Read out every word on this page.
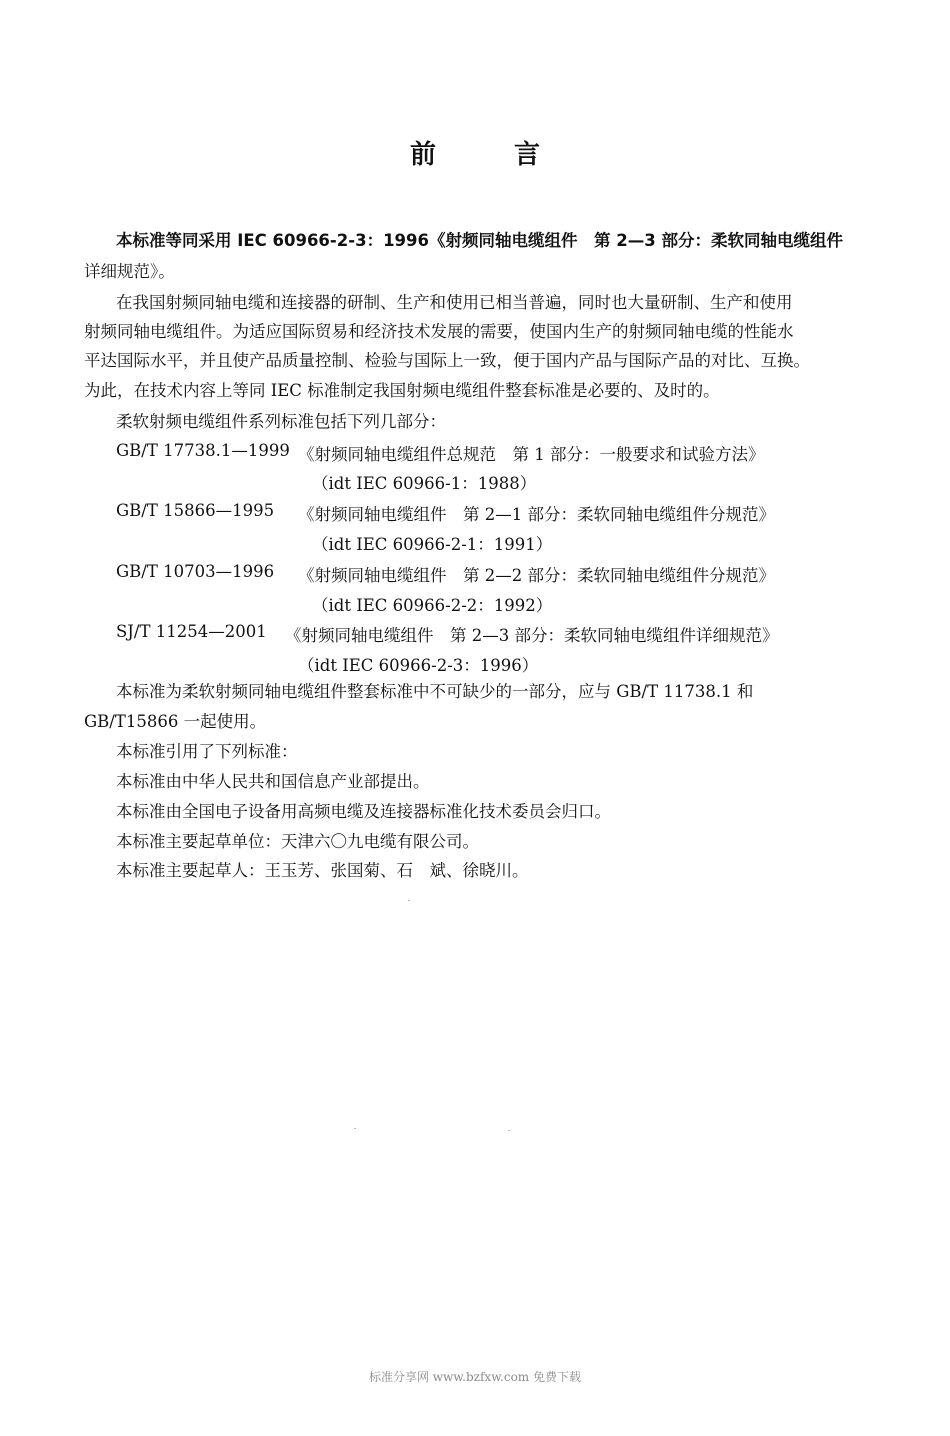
前	言
本标准等同采用 IEC 60966-2-3：1996《射频同轴电缆组件　第 2—3 部分：柔软同轴电缆组件
详细规范》。
在我国射频同轴电缆和连接器的研制、生产和使用已相当普遍，同时也大量研制、生产和使用
射频同轴电缆组件。为适应国际贸易和经济技术发展的需要，使国内生产的射频同轴电缆的性能水
平达国际水平，并且使产品质量控制、检验与国际上一致，便于国内产品与国际产品的对比、互换。
为此，在技术内容上等同 IEC 标准制定我国射频电缆组件整套标准是必要的、及时的。
柔软射频电缆组件系列标准包括下列几部分：
GB/T 17738.1—1999 《射频同轴电缆组件总规范　第 1 部分：一般要求和试验方法》
（idt IEC 60966-1：1988）
GB/T 15866—1995 《射频同轴电缆组件　第 2—1 部分：柔软同轴电缆组件分规范》
（idt IEC 60966-2-1：1991）
GB/T 10703—1996 《射频同轴电缆组件　第 2—2 部分：柔软同轴电缆组件分规范》
（idt IEC 60966-2-2：1992）
SJ/T 11254—2001 《射频同轴电缆组件　第 2—3 部分：柔软同轴电缆组件详细规范》
（idt IEC 60966-2-3：1996）
本标准为柔软射频同轴电缆组件整套标准中不可缺少的一部分，应与 GB/T 11738.1 和
GB/T15866 一起使用。
本标准引用了下列标准：
本标准由中华人民共和国信息产业部提出。
本标准由全国电子设备用高频电缆及连接器标准化技术委员会归口。
本标准主要起草单位：天津六〇九电缆有限公司。
本标准主要起草人：王玉芳、张国菊、石　斌、徐晓川。
标准分享网 www.bzfxw.com 免费下载
